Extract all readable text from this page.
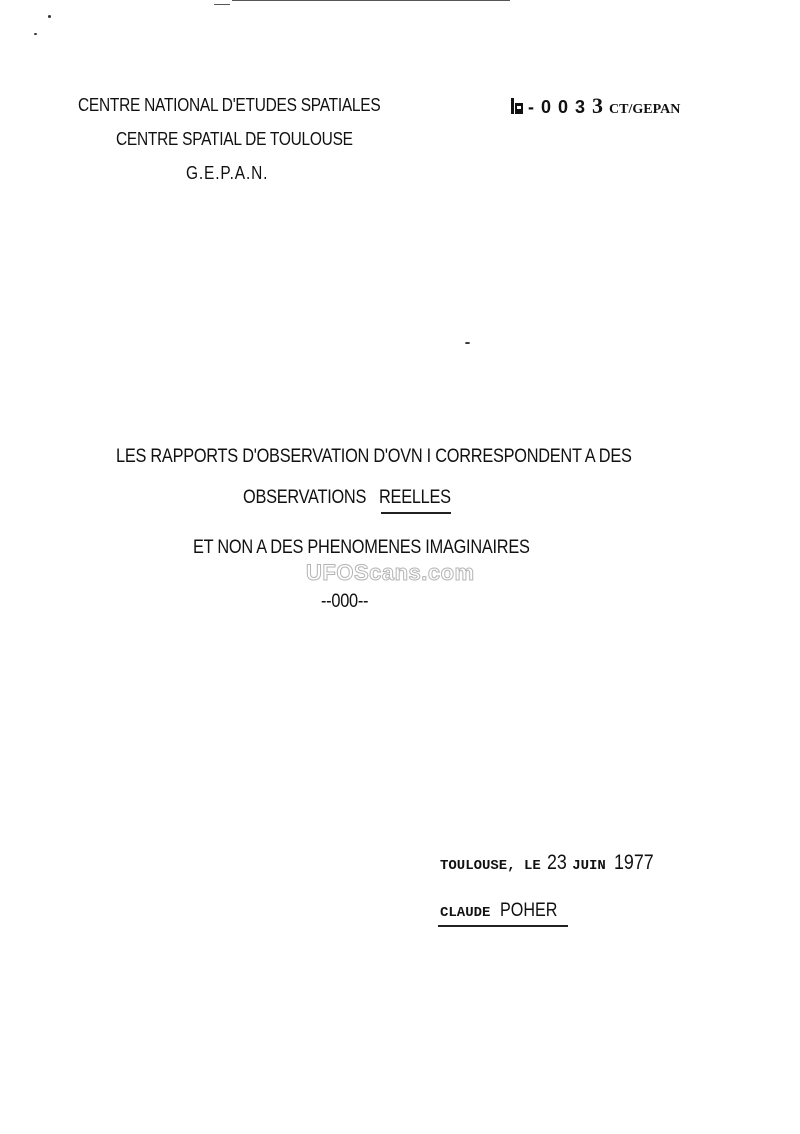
CENTRE NATIONAL D'ETUDES SPATIALES
CENTRE SPATIAL DE TOULOUSE
G.E.P.A.N.
- 0 0 3 3 CT/GEPAN
LES RAPPORTS D'OBSERVATION D'OVN I CORRESPONDENT A DES
OBSERVATIONS REELLES
ET NON A DES PHENOMENES IMAGINAIRES
--000--
UFOScans.com
TOULOUSE, LE 23 JUIN 1977
CLAUDE POHER
